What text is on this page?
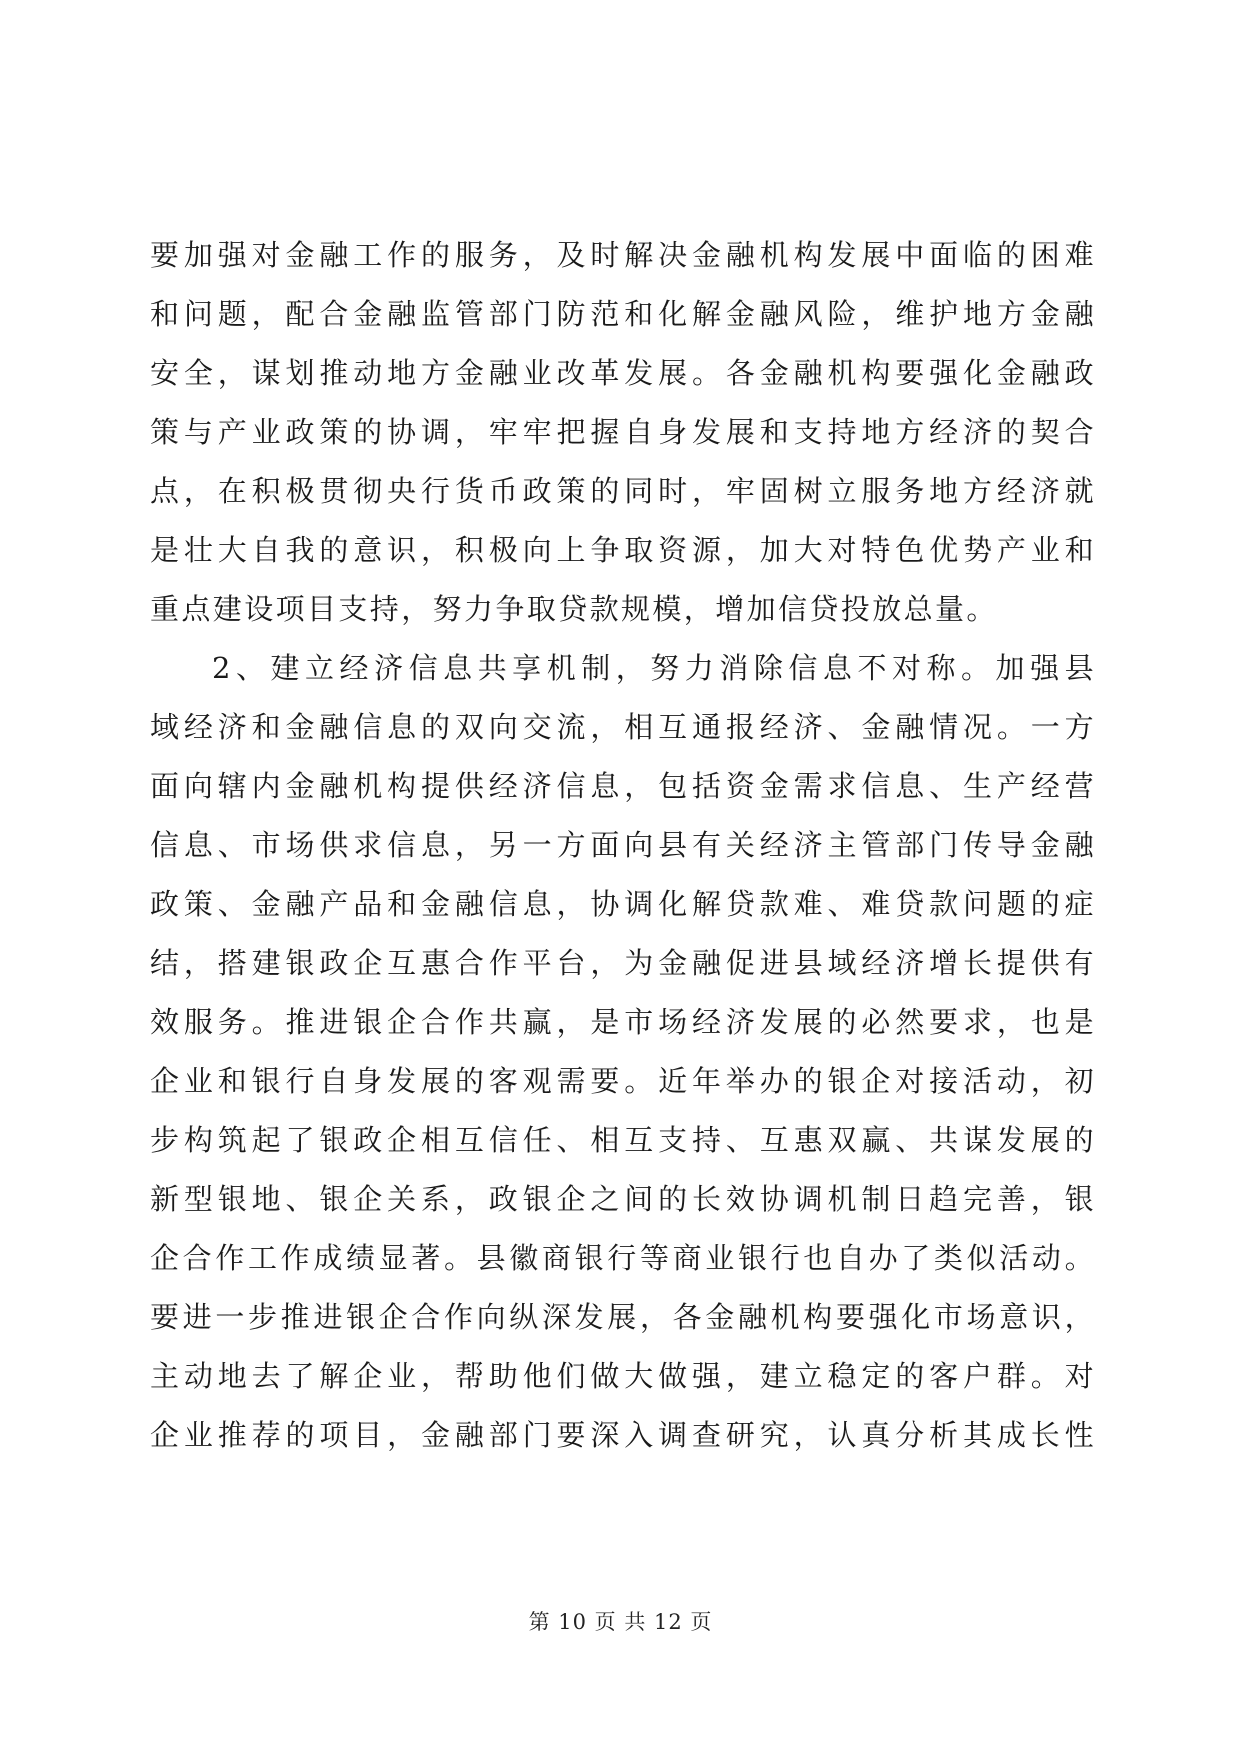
要加强对金融工作的服务，及时解决金融机构发展中面临的困难
和问题，配合金融监管部门防范和化解金融风险，维护地方金融
安全，谋划推动地方金融业改革发展。各金融机构要强化金融政
策与产业政策的协调，牢牢把握自身发展和支持地方经济的契合
点，在积极贯彻央行货币政策的同时，牢固树立服务地方经济就
是壮大自我的意识，积极向上争取资源，加大对特色优势产业和
重点建设项目支持，努力争取贷款规模，增加信贷投放总量。
2、建立经济信息共享机制，努力消除信息不对称。加强县
域经济和金融信息的双向交流，相互通报经济、金融情况。一方
面向辖内金融机构提供经济信息，包括资金需求信息、生产经营
信息、市场供求信息，另一方面向县有关经济主管部门传导金融
政策、金融产品和金融信息，协调化解贷款难、难贷款问题的症
结，搭建银政企互惠合作平台，为金融促进县域经济增长提供有
效服务。推进银企合作共赢，是市场经济发展的必然要求，也是
企业和银行自身发展的客观需要。近年举办的银企对接活动，初
步构筑起了银政企相互信任、相互支持、互惠双赢、共谋发展的
新型银地、银企关系，政银企之间的长效协调机制日趋完善，银
企合作工作成绩显著。县徽商银行等商业银行也自办了类似活动。
要进一步推进银企合作向纵深发展，各金融机构要强化市场意识，
主动地去了解企业，帮助他们做大做强，建立稳定的客户群。对
企业推荐的项目，金融部门要深入调查研究，认真分析其成长性
第 10 页 共 12 页
